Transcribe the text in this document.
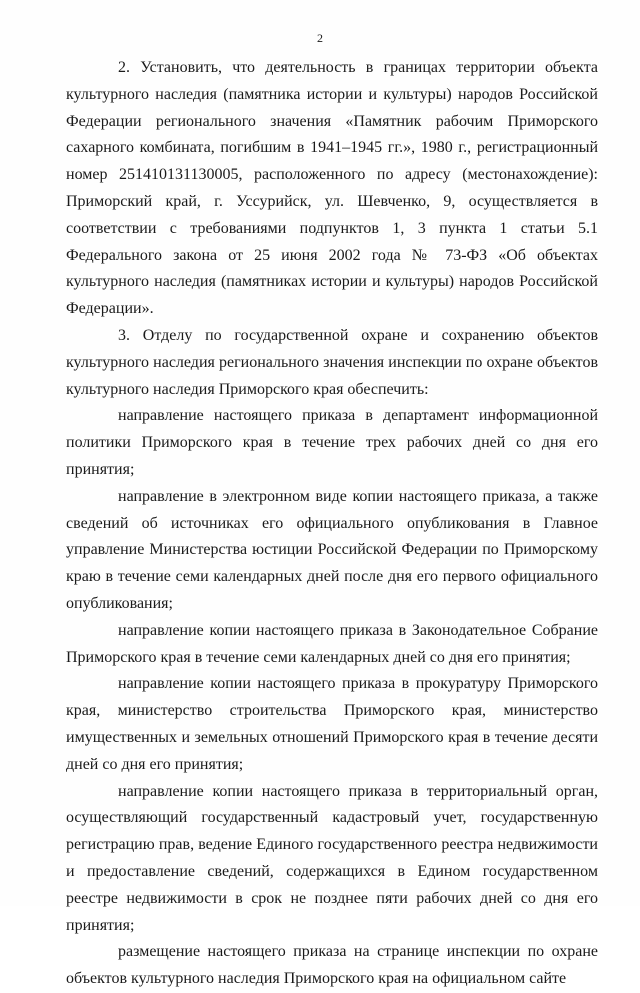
2

2. Установить, что деятельность в границах территории объекта культурного наследия (памятника истории и культуры) народов Российской Федерации регионального значения «Памятник рабочим Приморского сахарного комбината, погибшим в 1941–1945 гг.», 1980 г., регистрационный номер 251410131130005, расположенного по адресу (местонахождение): Приморский край, г. Уссурийск, ул. Шевченко, 9, осуществляется в соответствии с требованиями подпунктов 1, 3 пункта 1 статьи 5.1 Федерального закона от 25 июня 2002 года № 73-ФЗ «Об объектах культурного наследия (памятниках истории и культуры) народов Российской Федерации».

3. Отделу по государственной охране и сохранению объектов культурного наследия регионального значения инспекции по охране объектов культурного наследия Приморского края обеспечить:

направление настоящего приказа в департамент информационной политики Приморского края в течение трех рабочих дней со дня его принятия;

направление в электронном виде копии настоящего приказа, а также сведений об источниках его официального опубликования в Главное управление Министерства юстиции Российской Федерации по Приморскому краю в течение семи календарных дней после дня его первого официального опубликования;

направление копии настоящего приказа в Законодательное Собрание Приморского края в течение семи календарных дней со дня его принятия;

направление копии настоящего приказа в прокуратуру Приморского края, министерство строительства Приморского края, министерство имущественных и земельных отношений Приморского края в течение десяти дней со дня его принятия;

направление копии настоящего приказа в территориальный орган, осуществляющий государственный кадастровый учет, государственную регистрацию прав, ведение Единого государственного реестра недвижимости и предоставление сведений, содержащихся в Едином государственном реестре недвижимости в срок не позднее пяти рабочих дней со дня его принятия;

размещение настоящего приказа на странице инспекции по охране объектов культурного наследия Приморского края на официальном сайте
